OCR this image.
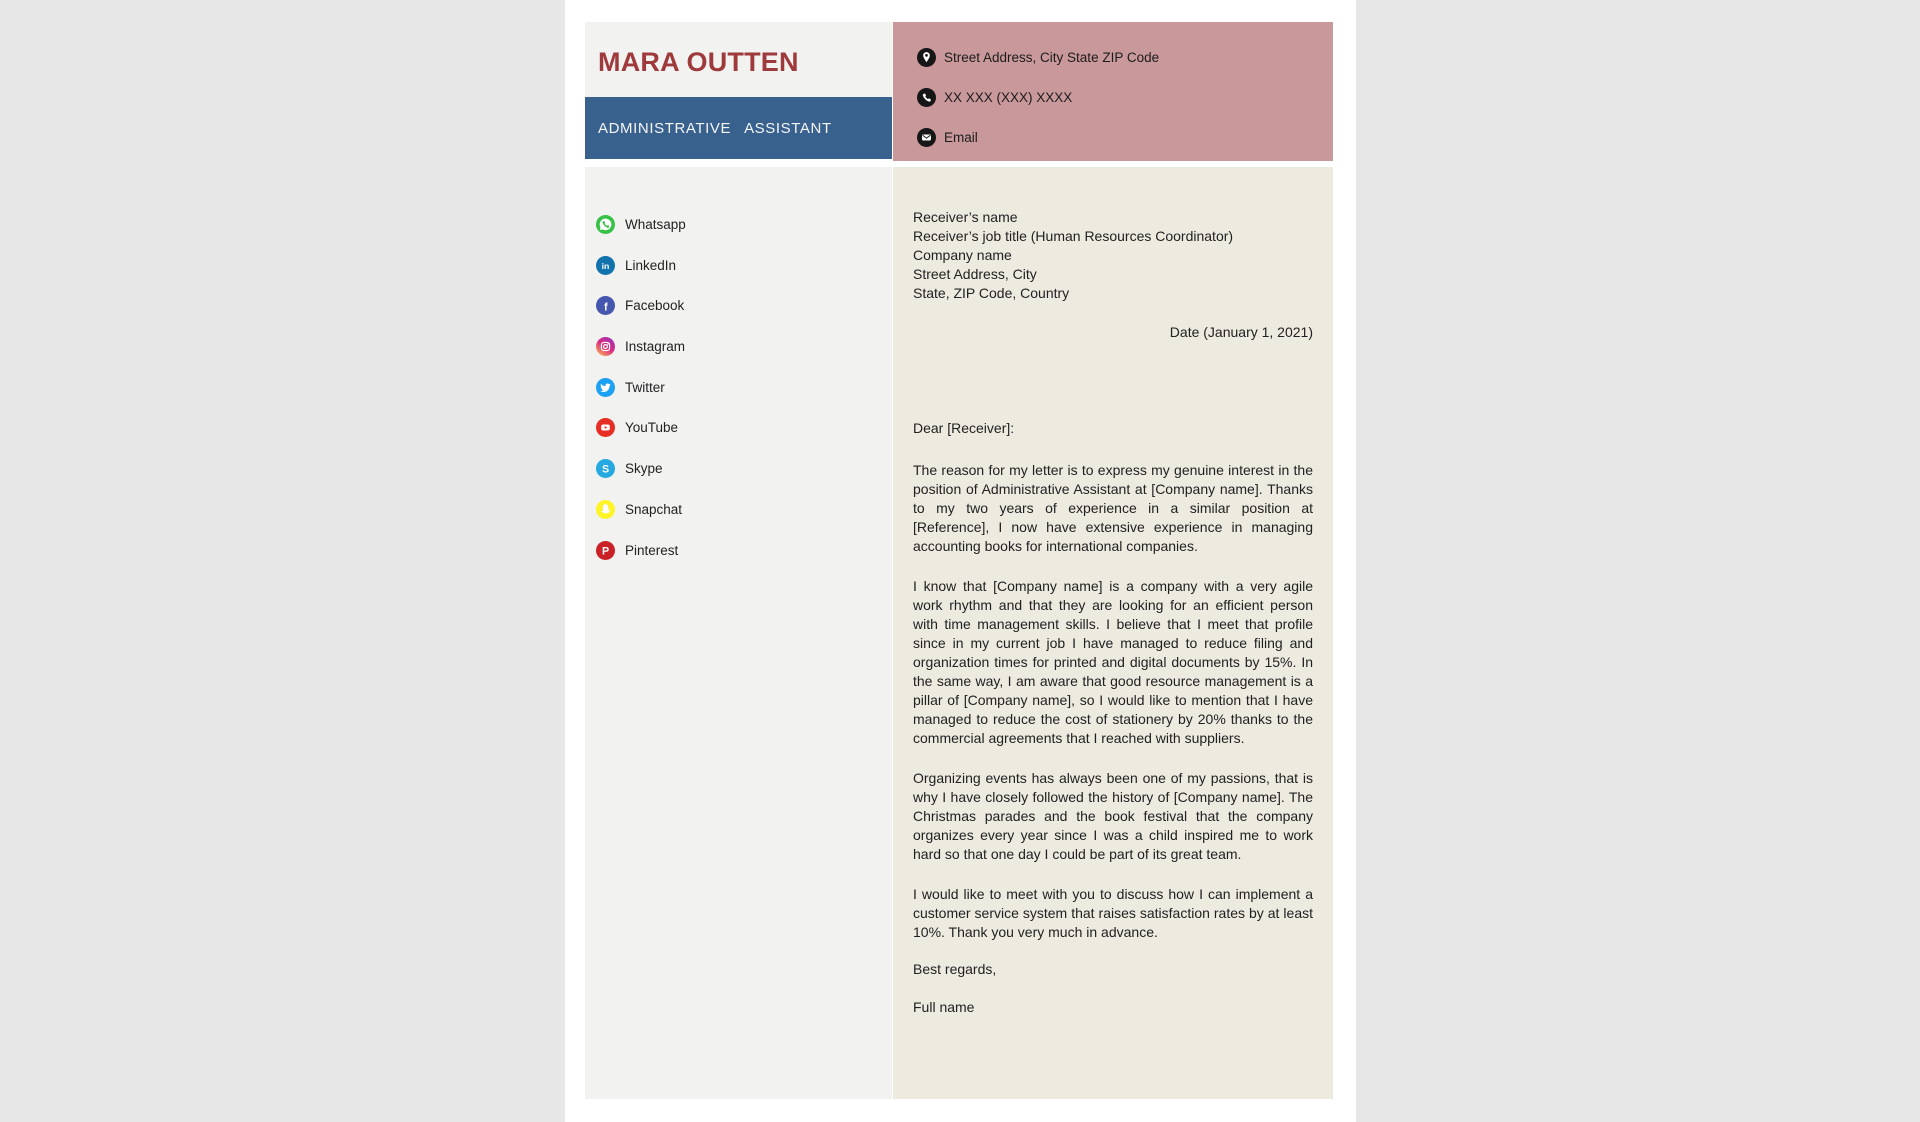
MARA OUTTEN
ADMINISTRATIVE ASSISTANT
Street Address, City State ZIP Code
XX XXX (XXX) XXXX
Email
Whatsapp
in LinkedIn
f Facebook
Instagram
Twitter
YouTube
S Skype
Snapchat
P Pinterest
Receiver’s name
Receiver’s job title (Human Resources Coordinator)
Company name
Street Address, City
State, ZIP Code, Country
Date (January 1, 2021)
Dear [Receiver]:

The reason for my letter is to express my genuine interest in the position of Administrative Assistant at [Company name]. Thanks to my two years of experience in a similar position at [Reference], I now have extensive experience in managing accounting books for international companies.

I know that [Company name] is a company with a very agile work rhythm and that they are looking for an efficient person with time management skills. I believe that I meet that profile since in my current job I have managed to reduce filing and organization times for printed and digital documents by 15%. In the same way, I am aware that good resource management is a pillar of [Company name], so I would like to mention that I have managed to reduce the cost of stationery by 20% thanks to the commercial agreements that I reached with suppliers.

Organizing events has always been one of my passions, that is why I have closely followed the history of [Company name]. The Christmas parades and the book festival that the company organizes every year since I was a child inspired me to work hard so that one day I could be part of its great team.

I would like to meet with you to discuss how I can implement a customer service system that raises satisfaction rates by at least 10%. Thank you very much in advance.

Best regards,
Full name
